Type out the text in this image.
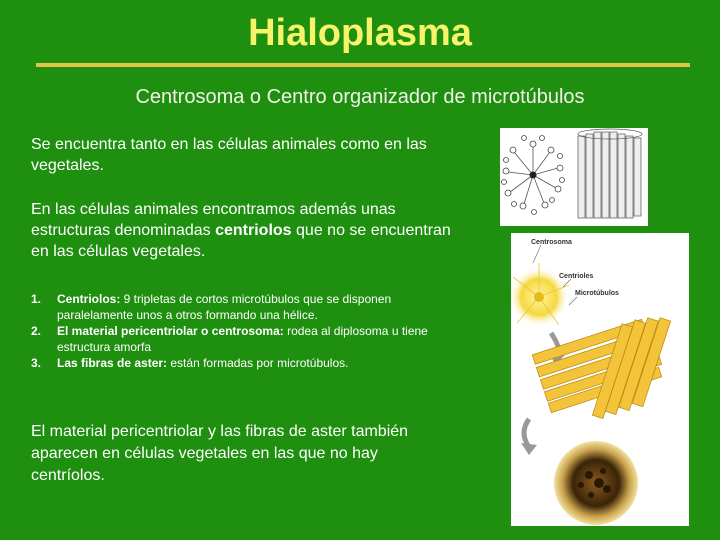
Hialoplasma
Centrosoma o Centro organizador de microtúbulos
Se encuentra tanto en las células animales como en las vegetales.
En las células animales encontramos además unas estructuras denominadas centriolos que no se encuentran en las células vegetales.
1. Centriolos: 9 tripletas de cortos microtúbulos que se disponen paralelamente unos a otros formando una hélice.
2. El material pericentriolar o centrosoma: rodea al diplosoma u tiene estructura amorfa
3. Las fibras de aster: están formadas por microtúbulos.
El material pericentriolar y las fibras de aster también aparecen en células vegetales en las que no hay centríolos.
Centrosoma
Centrioles
Microtúbulos
